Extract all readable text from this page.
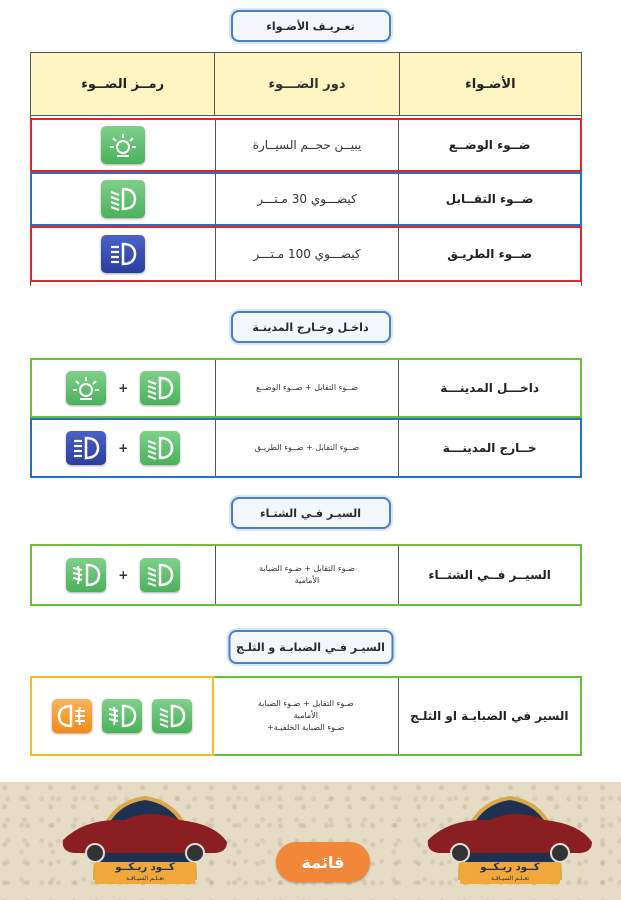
تعـريـف الأضـواء
رمــز الضــوء	دور الضـــوء	الأضـواء
يبيــن حجــم السيــارة	ضــوء الوضــع
كيضـــوي 30 مـتـــر	ضــوء التقــابل
كيضـــوي 100 مـتـــر	ضــوء الطريـق
داخـل وخـارج المدينـة
+	ضــوء التقابل + ضــوء الوضــع	داخـــل المدينـــة
+	ضــوء التقابل + ضــوء الطريـق	خــارج المدينـــة
السيـر فـي الشتـاء
+	ضـوء التقابل + ضـوء الضبابة
الأمامية	السيــر فــي الشتــاء
السيـر فـي الضبابـة و الثلـج
ضـوء التقابل + ضـوء الضبابة
الأمامية
+ضـوء الضبابة الخلفيـة
السير في الضبابـة او الثلـج
كــود ريـكــو
تعـلـم السيـاقـة
كــود ريـكــو
تعـلـم السيـاقـة
قائمة
